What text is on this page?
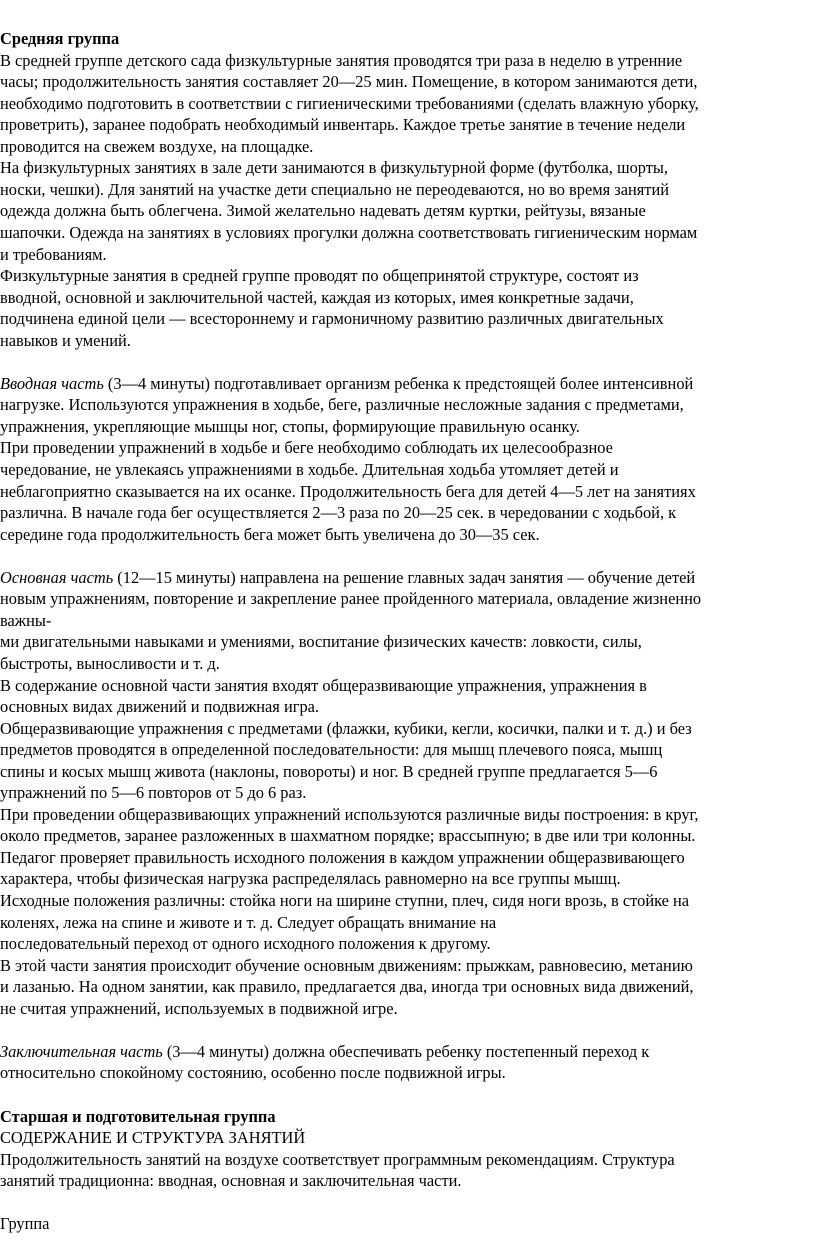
Средняя группа

В средней группе детского сада физкультурные занятия проводятся три раза в неделю в утренние

часы; продолжительность занятия составляет 20—25 мин. Помещение, в котором занимаются дети,

необходимо подготовить в соответствии с гигиеническими требованиями (сделать влажную уборку,

проветрить), заранее подобрать необходимый инвентарь. Каждое третье занятие в течение недели

проводится на свежем воздухе, на площадке.

На физкультурных занятиях в зале дети занимаются в физкультурной форме (футболка, шорты,

носки, чешки). Для занятий на участке дети специально не переодеваются, но во время занятий

одежда должна быть облегчена. Зимой желательно надевать детям куртки, рейтузы, вязаные

шапочки. Одежда на занятиях в условиях прогулки должна соответствовать гигиеническим нормам

и требованиям.

Физкультурные занятия в средней группе проводят по общепринятой структуре, состоят из

вводной, основной и заключительной частей, каждая из которых, имея конкретные задачи,

подчинена единой цели — всестороннему и гармоничному развитию различных двигательных

навыков и умений.

Вводная часть (3—4 минуты) подготавливает организм ребенка к предстоящей более интенсивной

нагрузке. Используются упражнения в ходьбе, беге, различные несложные задания с предметами,

упражнения, укрепляющие мышцы ног, стопы, формирующие правильную осанку.

При проведении упражнений в ходьбе и беге необходимо соблюдать их целесообразное

чередование, не увлекаясь упражнениями в ходьбе. Длительная ходьба утомляет детей и

неблагоприятно сказывается на их осанке. Продолжительность бега для детей 4—5 лет на занятиях

различна. В начале года бег осуществляется 2—3 раза по 20—25 сек. в чередовании с ходьбой, к

середине года продолжительность бега может быть увеличена до 30—35 сек.

Основная часть (12—15 минуты) направлена на решение главных задач занятия — обучение детей

новым упражнениям, повторение и закрепление ранее пройденного материала, овладение жизненно

важны-

ми двигательными навыками и умениями, воспитание физических качеств: ловкости, силы,

быстроты, выносливости и т. д.

В содержание основной части занятия входят общеразвивающие упражнения, упражнения в

основных видах движений и подвижная игра.

Общеразвивающие упражнения с предметами (флажки, кубики, кегли, косички, палки и т. д.) и без

предметов проводятся в определенной последовательности: для мышц плечевого пояса, мышц

спины и косых мышц живота (наклоны, повороты) и ног. В средней группе предлагается 5—6

упражнений по 5—6 повторов от 5 до 6 раз.

При проведении общеразвивающих упражнений используются различные виды построения: в круг,

около предметов, заранее разложенных в шахматном порядке; врассыпную; в две или три колонны.

Педагог проверяет правильность исходного положения в каждом упражнении общеразвивающего

характера, чтобы физическая нагрузка распределялась равномерно на все группы мышц.

Исходные положения различны: стойка ноги на ширине ступни, плеч, сидя ноги врозь, в стойке на

коленях, лежа на спине и животе и т. д. Следует обращать внимание на

последовательный переход от одного исходного положения к другому.

В этой части занятия происходит обучение основным движениям: прыжкам, равновесию, метанию

и лазанью. На одном занятии, как правило, предлагается два, иногда три основных вида движений,

не считая упражнений, используемых в подвижной игре.

Заключительная часть (3—4 минуты) должна обеспечивать ребенку постепенный переход к

относительно спокойному состоянию, особенно после подвижной игры.

Старшая и подготовительная группа

СОДЕРЖАНИЕ И СТРУКТУРА ЗАНЯТИЙ

Продолжительность занятий на воздухе соответствует программным рекомендациям. Структура

занятий традиционна: вводная, основная и заключительная части.

Группа
